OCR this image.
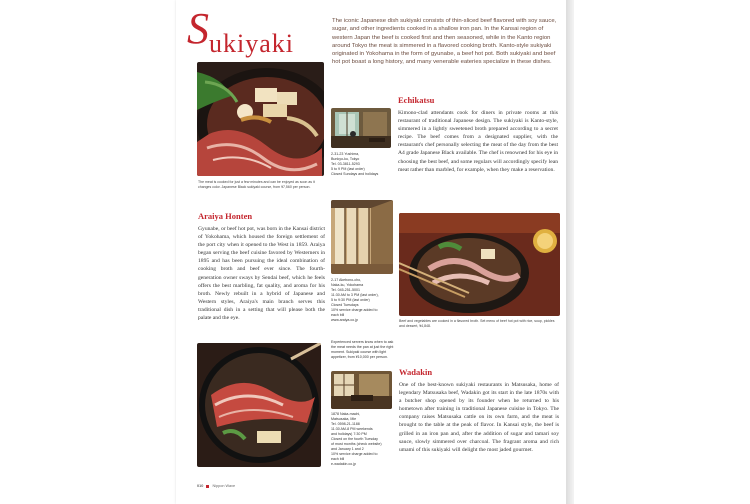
S ukiyaki

The iconic Japanese dish sukiyaki consists of thin-sliced beef flavored with soy sauce, sugar, and other ingredients cooked in a shallow iron pan. In the Kansai region of western Japan the beef is cooked first and then seasoned, while in the Kanto region around Tokyo the meat is simmered in a flavored cooking broth. Kanto-style sukiyaki originated in Yokohama in the form of gyunabe, a beef hot pot. Both sukiyaki and beef hot pot boast a long history, and many venerable eateries specialize in these dishes.

The meat is cooked for just a few minutes and can be enjoyed as soon as it changes color. Japanese Black sukiyaki course, from ¥7,560 per person.

Echikatsu

Kimono-clad attendants cook for diners in private rooms at this restaurant of traditional Japanese design. The sukiyaki is Kanto-style, simmered in a lightly sweetened broth prepared according to a secret recipe. The beef comes from a designated supplier, with the restaurant's chef personally selecting the meat of the day from the best A4 grade Japanese Black available. The chef is renowned for his eye in choosing the best beef, and some regulars will accordingly specify lean meat rather than marbled, for example, when they make a reservation.

2-31-23 Yushima,

Bunkyo-ku, Tokyo

Tel. 03-3811-5293

5 to 9 PM (last order)

Closed Sundays and holidays

Araiya Honten

Gyunabe, or beef hot pot, was born in the Kansai district of Yokohama, which housed the foreign settlement of the port city when it opened to the West in 1859. Araiya began serving the beef cuisine favored by Westerners in 1895 and has been pursuing the ideal combination of cooking broth and beef ever since. The fourth-generation owner sways by Sendai beef, which he feels offers the best marbling, fat quality, and aroma for his broth. Newly rebuilt in a hybrid of Japanese and Western styles, Araiya's main branch serves this traditional dish in a setting that will please both the palate and the eye.

2-17 Akebono-cho,

Naka-ku, Yokohama

Tel. 045-251-5001

11:30 AM to 3 PM (last order),

5 to 9:30 PM (last order)

Closed Tuesdays

10% service charge added to

each bill

www.araiya.co.jp	Beef and vegetables are cooked in a flavored broth. Set menu of beef hot pot with rice, soup, pickles and dessert, ¥4,848.

Experienced servers know when to ask the meat needs the pan at just the right moment. Sukiyaki course with light appetizer, from ¥10,000 per person.

1878 Naka-machi,

Matsusaka, Mie

Tel. 0598-21-1188

11:30 AM-8 PM weekends

and holidays) 7:30 PM

Closed on the fourth Tuesday

of most months (check website)

and January 1 and 2

10% service charge added to

each bill

e-wadakin.co.jp

Wadakin

One of the best-known sukiyaki restaurants in Matsusaka, home of legendary Matsusaka beef, Wadakin got its start in the late 1870s with a butcher shop opened by its founder when he returned to his hometown after training in traditional Japanese cuisine in Tokyo. The company raises Matsusaka cattle on its own farm, and the meat is brought to the table at the peak of flavor. In Kansai style, the beef is grilled in an iron pan and, after the addition of sugar and tamari soy sauce, slowly simmered over charcoal. The fragrant aroma and rich umami of this sukiyaki will delight the most jaded gourmet.

010 Nippon Wave
